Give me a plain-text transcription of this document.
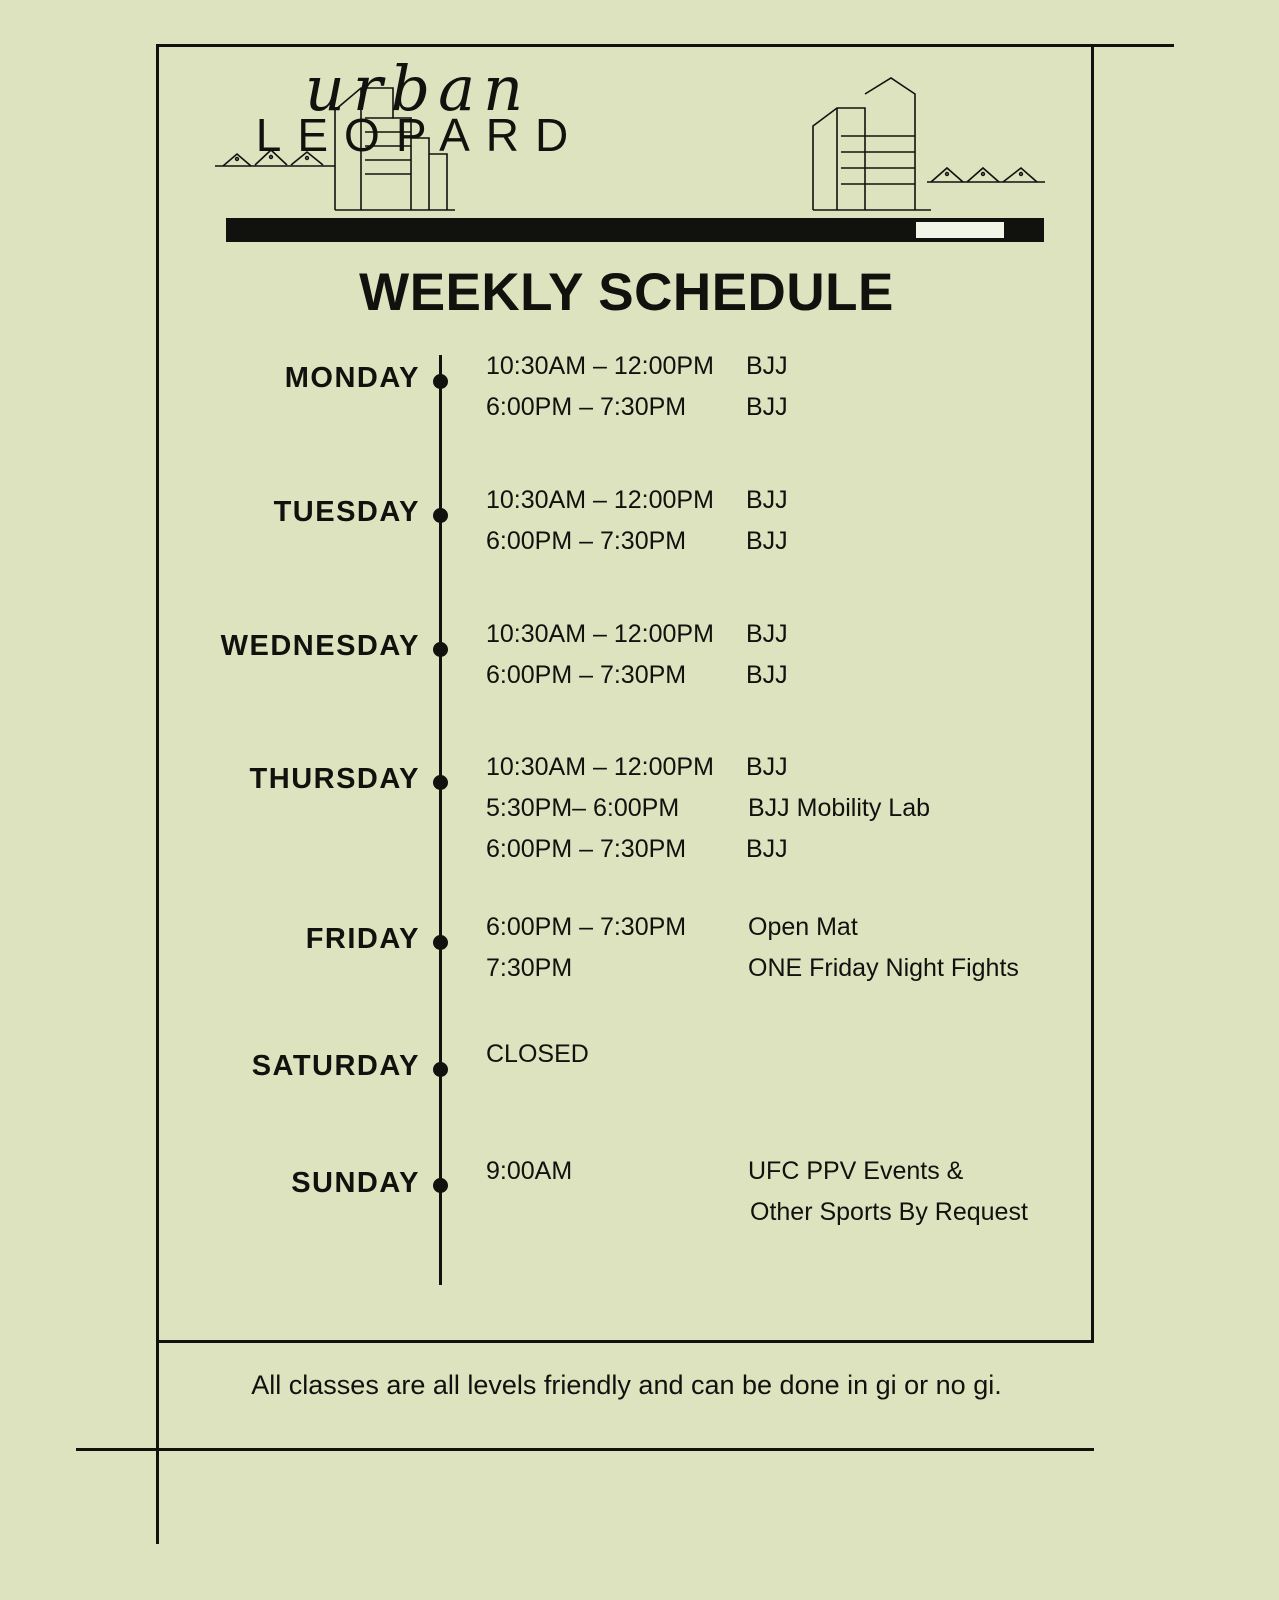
urban
LEOPARD
WEEKLY SCHEDULE
MONDAY	10:30AM – 12:00PM	BJJ
6:00PM – 7:30PM	BJJ
TUESDAY	10:30AM – 12:00PM	BJJ
6:00PM – 7:30PM	BJJ
WEDNESDAY	10:30AM – 12:00PM	BJJ
6:00PM – 7:30PM	BJJ
THURSDAY	10:30AM – 12:00PM	BJJ
5:30PM– 6:00PM	BJJ Mobility Lab
6:00PM – 7:30PM	BJJ
FRIDAY	6:00PM – 7:30PM	Open Mat
7:30PM	ONE Friday Night Fights
SATURDAY	CLOSED
SUNDAY	9:00AM	UFC PPV Events &
Other Sports By Request
All classes are all levels friendly and can be done in gi or no gi.
